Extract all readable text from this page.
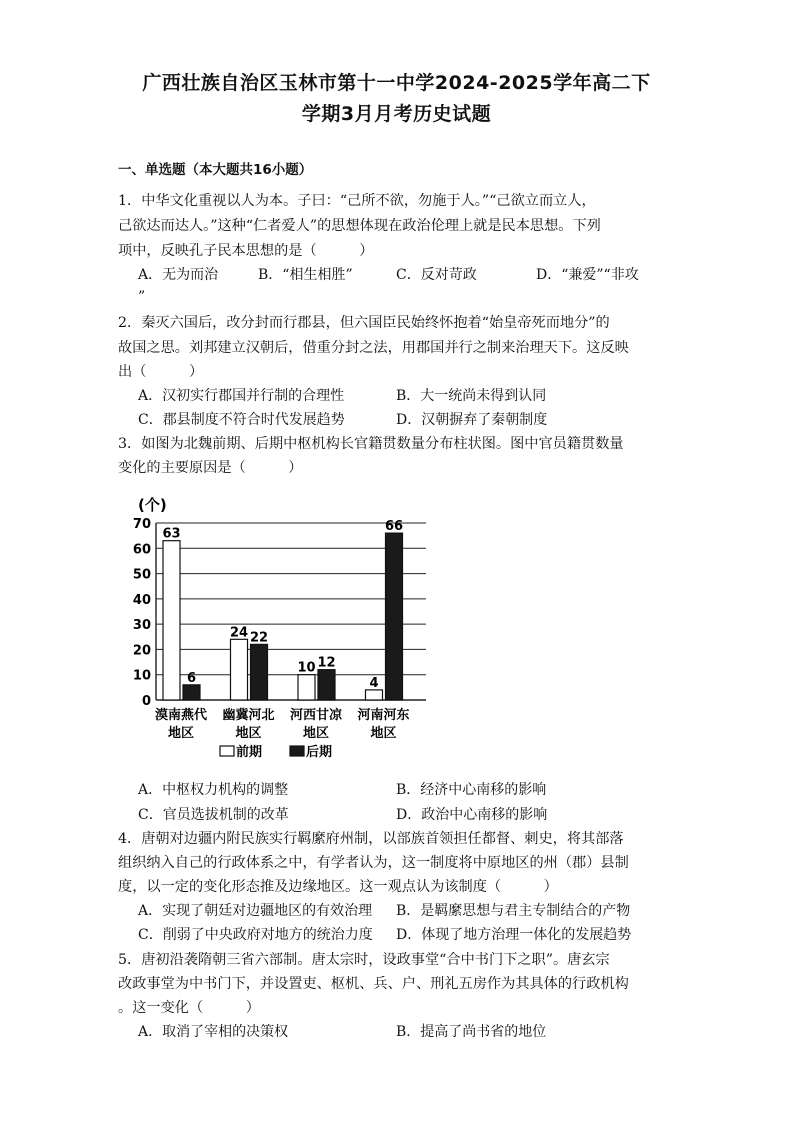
广西壮族自治区玉林市第十一中学2024-2025学年高二下
学期3月月考历史试题
一、单选题（本大题共16小题）
1．中华文化重视以人为本。子曰：“己所不欲，勿施于人。”“己欲立而立人，
己欲达而达人。”这种“仁者爱人”的思想体现在政治伦理上就是民本思想。下列
项中，反映孔子民本思想的是（　　　）
A．无为而治	B．“相生相胜”	C．反对苛政	D．“兼爱”“非攻
”
2．秦灭六国后，改分封而行郡县，但六国臣民始终怀抱着“始皇帝死而地分”的
故国之思。刘邦建立汉朝后，借重分封之法，用郡国并行之制来治理天下。这反映
出（　　　）
A．汉初实行郡国并行制的合理性	B．大一统尚未得到认同
C．郡县制度不符合时代发展趋势	D．汉朝摒弃了秦朝制度
3．如图为北魏前期、后期中枢机构长官籍贯数量分布柱状图。图中官员籍贯数量
变化的主要原因是（　　　）
(个)
0
10
20
30
40
50
60
70
63
6
漠南燕代
地区
24 22
幽冀河北
地区
10 12
河西甘凉
地区
4
66
河南河东
地区
前期	后期
A．中枢权力机构的调整	B．经济中心南移的影响
C．官员选拔机制的改革	D．政治中心南移的影响
4．唐朝对边疆内附民族实行羁縻府州制，以部族首领担任都督、刺史，将其部落
组织纳入自己的行政体系之中，有学者认为，这一制度将中原地区的州（郡）县制
度，以一定的变化形态推及边缘地区。这一观点认为该制度（　　　）
A．实现了朝廷对边疆地区的有效治理 B．是羁縻思想与君主专制结合的产物
C．削弱了中央政府对地方的统治力度 D．体现了地方治理一体化的发展趋势
5．唐初沿袭隋朝三省六部制。唐太宗时，设政事堂“合中书门下之职”。唐玄宗
改政事堂为中书门下，并设置吏、枢机、兵、户、刑礼五房作为其具体的行政机构
。这一变化（　　　）
A．取消了宰相的决策权	B．提高了尚书省的地位
